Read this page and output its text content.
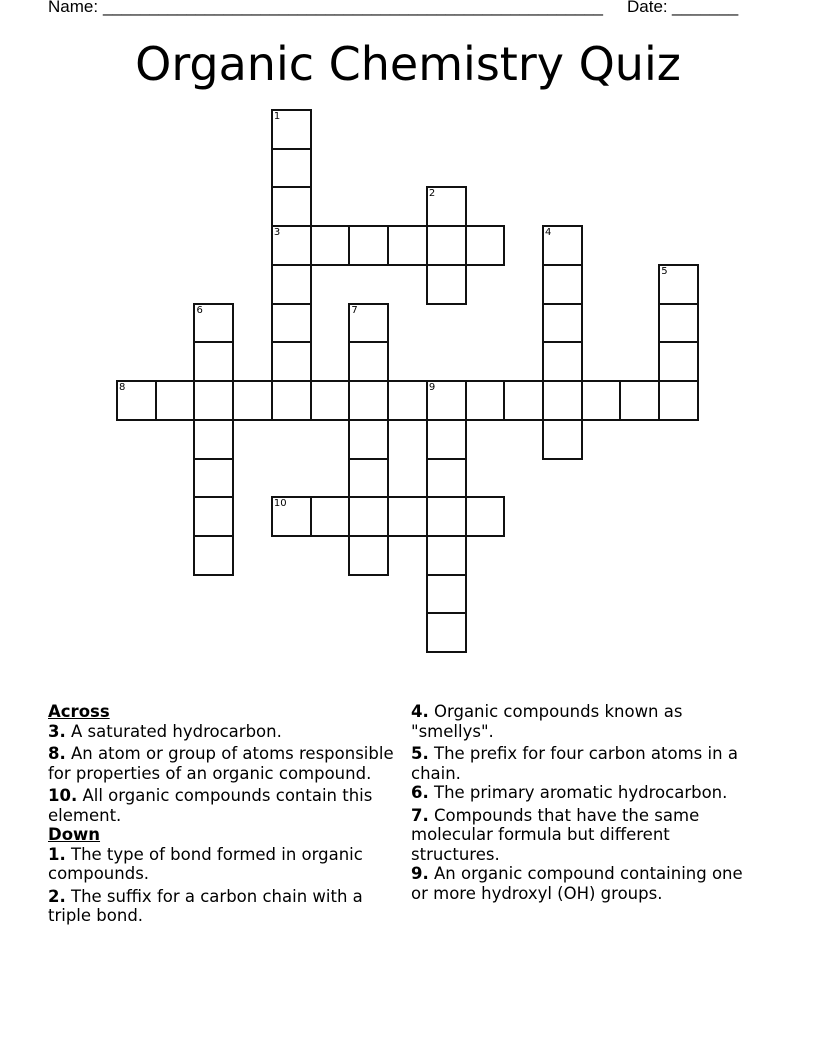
Name: ______________________________________________________ Date: _______
Organic Chemistry Quiz
1
3
2
4
5
6	7
8	9
10
Across
3. A saturated hydrocarbon.
8. An atom or group of atoms responsible for properties of an organic compound.
10. All organic compounds contain this element.
Down
1. The type of bond formed in organic compounds.
2. The suffix for a carbon chain with a triple bond.
4. Organic compounds known as "smellys".
5. The prefix for four carbon atoms in a chain.
6. The primary aromatic hydrocarbon.
7. Compounds that have the same molecular formula but different structures.
9. An organic compound containing one or more hydroxyl (OH) groups.
